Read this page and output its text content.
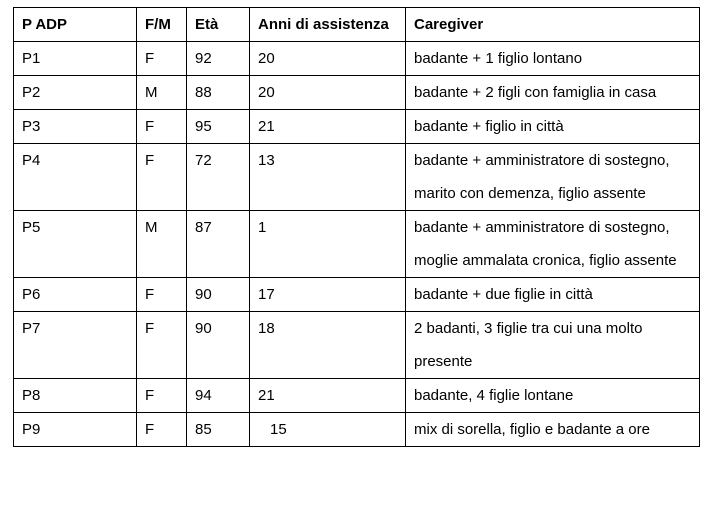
P ADP	F/M	Età	Anni di assistenza	Caregiver
P1	F	92	20	badante + 1 figlio lontano
P2	M	88	20	badante + 2 figli con famiglia in casa
P3	F	95	21	badante + figlio in città
P4	F	72	13	badante + amministratore di sostegno, marito con demenza, figlio assente
P5	M	87	1	badante + amministratore di sostegno, moglie ammalata cronica, figlio assente
P6	F	90	17	badante + due figlie in città
P7	F	90	18	2 badanti, 3 figlie tra cui una molto presente
P8	F	94	21	badante, 4 figlie lontane
P9	F	85	15	mix di sorella, figlio e badante a ore
